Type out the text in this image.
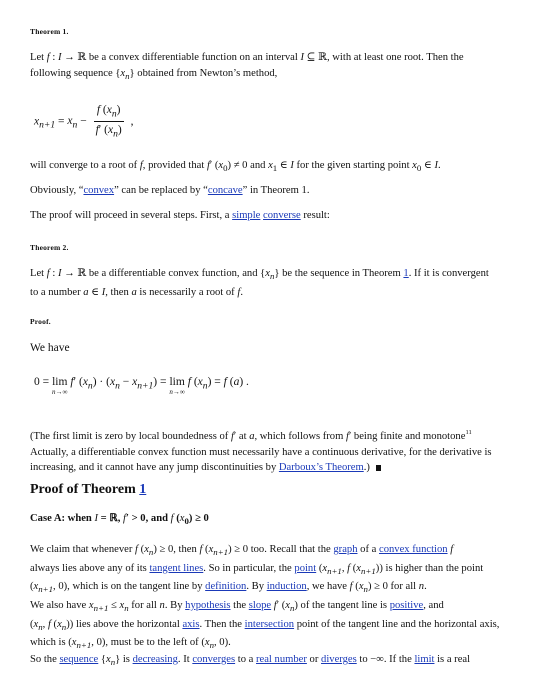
Theorem 1.
Let f : I → ℝ be a convex differentiable function on an interval I ⊆ ℝ, with at least one root. Then the
following sequence $\{x_n\}$ obtained from Newton’s method,
$x_{n+1} = x_n - \frac{f (x_n)}{f' (x_n)}$ ,
will converge to a root of f, provided that f′ $(x_0) \ne 0$ and $x_1$ ∈ I for the given starting point $x_0$ ∈ I.
Obviously, “convex” can be replaced by “concave” in Theorem 1.
The proof will proceed in several steps. First, a simple converse result:
Theorem 2.
Let f : I → ℝ be a differentiable convex function, and $\{x_n\}$ be the sequence in Theorem 1. If it is convergent
to a number a ∈ I, then a is necessarily a root of f.
Proof.
We have
0 = lim
n→∞
f′ $(x_n) \cdot (x_n - x_{n+1}) = \lim$
n→∞
f $(x_n) = f$ (a) .
(The first limit is zero by local boundedness of f′ at a, which follows from f′ being finite and monotone$^{11}$
Actually, a differentiable convex function must necessarily have a continuous derivative, for the derivative is
increasing, and it cannot have any jump discontinuities by Darboux’s Theorem.)
Proof of Theorem 1
Case A: when I = ℝ, f′ > 0, and f $(x_0) \ge 0$
We claim that whenever f $(x_n) \ge 0$, then f $(x_{n+1}) \ge 0$ too. Recall that the graph of a convex function f
always lies above any of its tangent lines. So in particular, the point ($x_{n+1}$, f $(x_{n+1})$) is higher than the point
($x_{n+1}$, 0), which is on the tangent line by definition. By induction, we have f $(x_n) \ge 0$ for all n.
We also have $x_{n+1} \le x_n$ for all n. By hypothesis the slope f′ $(x_n)$ of the tangent line is positive, and
($x_n$, f $(x_n)$) lies above the horizontal axis. Then the intersection point of the tangent line and the horizontal axis,
which is ($x_{n+1}$, 0), must be to the left of ($x_n$, 0).
So the sequence $\{x_n\}$ is decreasing. It converges to a real number or diverges to −∞. If the limit is a real
